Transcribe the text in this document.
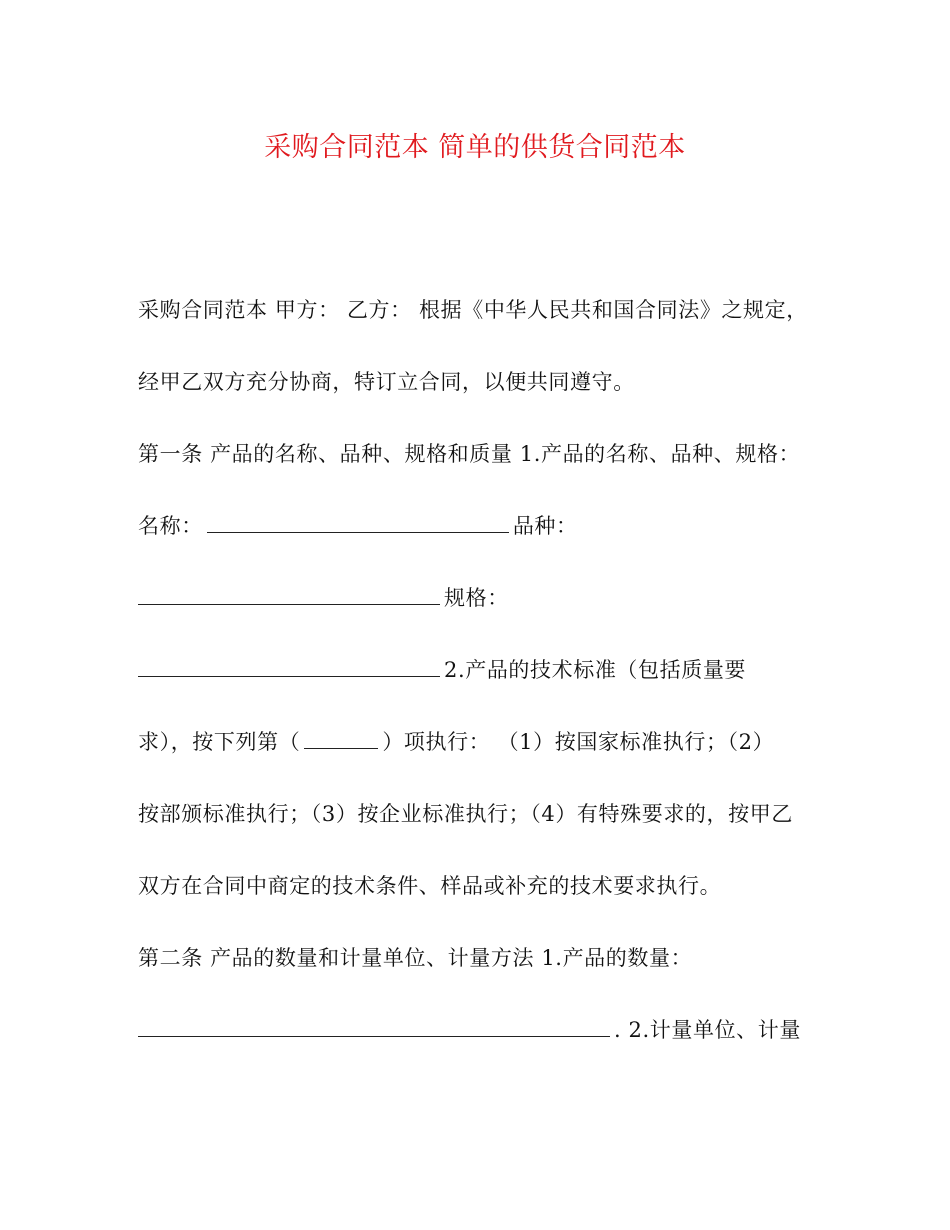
采购合同范本 简单的供货合同范本
采购合同范本 甲方： 乙方： 根据《中华人民共和国合同法》之规定，
经甲乙双方充分协商，特订立合同，以便共同遵守。
第一条 产品的名称、品种、规格和质量 1.产品的名称、品种、规格：
名称：	品种：
规格：
2.产品的技术标准（包括质量要
求），按下列第（	）项执行： （1）按国家标准执行；（2）
按部颁标准执行；（3）按企业标准执行；（4）有特殊要求的，按甲乙
双方在合同中商定的技术条件、样品或补充的技术要求执行。
第二条 产品的数量和计量单位、计量方法 1.产品的数量：
. 2.计量单位、计量
